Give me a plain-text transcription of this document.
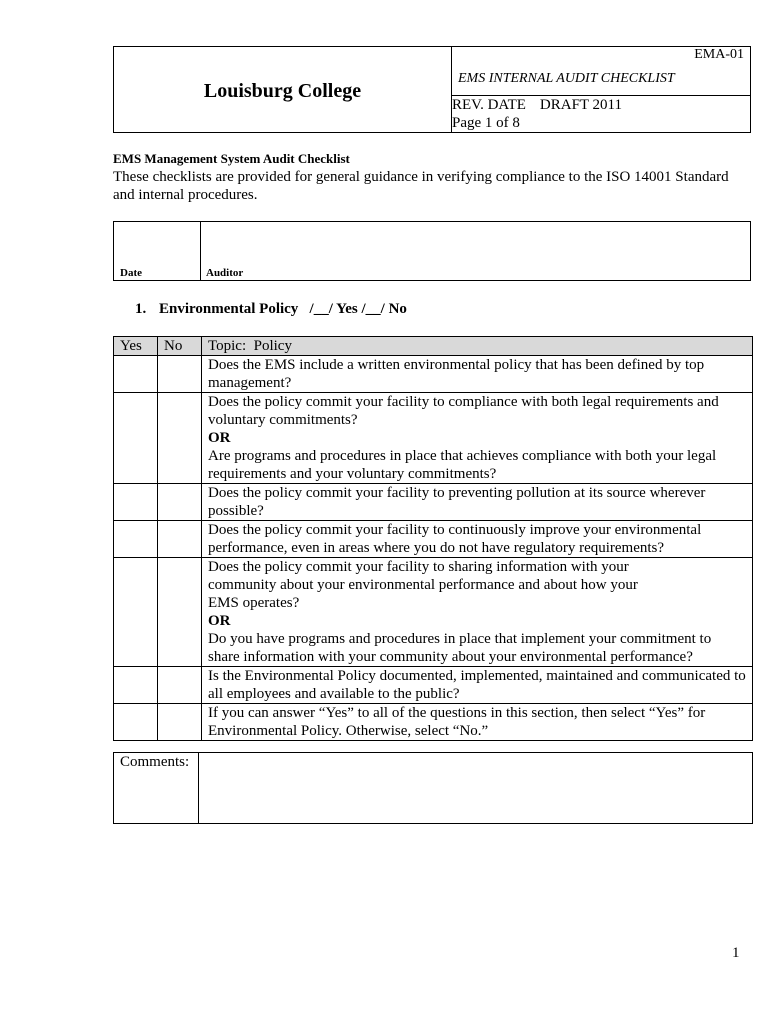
Louisburg College	
EMA-01
EMS INTERNAL AUDIT CHECKLIST

REV. DATE DRAFT 2011
Page 1 of 8
EMS Management System Audit Checklist
These checklists are provided for general guidance in verifying compliance to the ISO 14001 Standard and internal procedures.
Date	Auditor
1. Environmental Policy   /__/ Yes /__/ No
Yes	No	Topic:  Policy

		Does the EMS include a written environmental policy that has been defined by top management?

		Does the policy commit your facility to compliance with both legal requirements and voluntary commitments?
OR
Are programs and procedures in place that achieves compliance with both your legal requirements and your voluntary commitments?

		Does the policy commit your facility to preventing pollution at its source wherever possible?

		Does the policy commit your facility to continuously improve your environmental performance, even in areas where you do not have regulatory requirements?

		Does the policy commit your facility to sharing information with your
community about your environmental performance and about how your
EMS operates?
OR
Do you have programs and procedures in place that implement your commitment to share information with your community about your environmental performance?

		Is the Environmental Policy documented, implemented, maintained and communicated to all employees and available to the public?

		If you can answer “Yes” to all of the questions in this section, then select “Yes” for Environmental Policy. Otherwise, select “No.”
Comments:	
1
